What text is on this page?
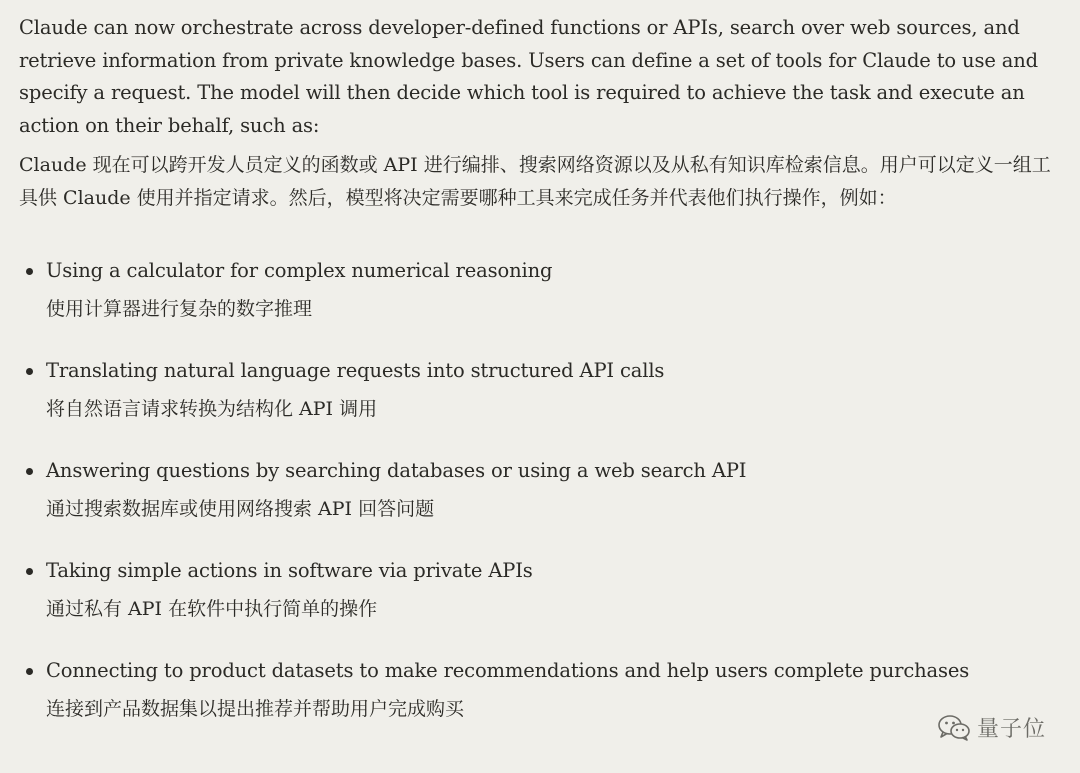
Claude can now orchestrate across developer-defined functions or APIs, search over web sources, and retrieve information from private knowledge bases. Users can define a set of tools for Claude to use and specify a request. The model will then decide which tool is required to achieve the task and execute an action on their behalf, such as:

Claude 现在可以跨开发人员定义的函数或 API 进行编排、搜索网络资源以及从私有知识库检索信息。用户可以定义一组工具供 Claude 使用并指定请求。然后，模型将决定需要哪种工具来完成任务并代表他们执行操作，例如：

Using a calculator for complex numerical reasoning
使用计算器进行复杂的数字推理
Translating natural language requests into structured API calls
将自然语言请求转换为结构化 API 调用
Answering questions by searching databases or using a web search API
通过搜索数据库或使用网络搜索 API 回答问题
Taking simple actions in software via private APIs
通过私有 API 在软件中执行简单的操作
Connecting to product datasets to make recommendations and help users complete purchases
连接到产品数据集以提出推荐并帮助用户完成购买
量子位
